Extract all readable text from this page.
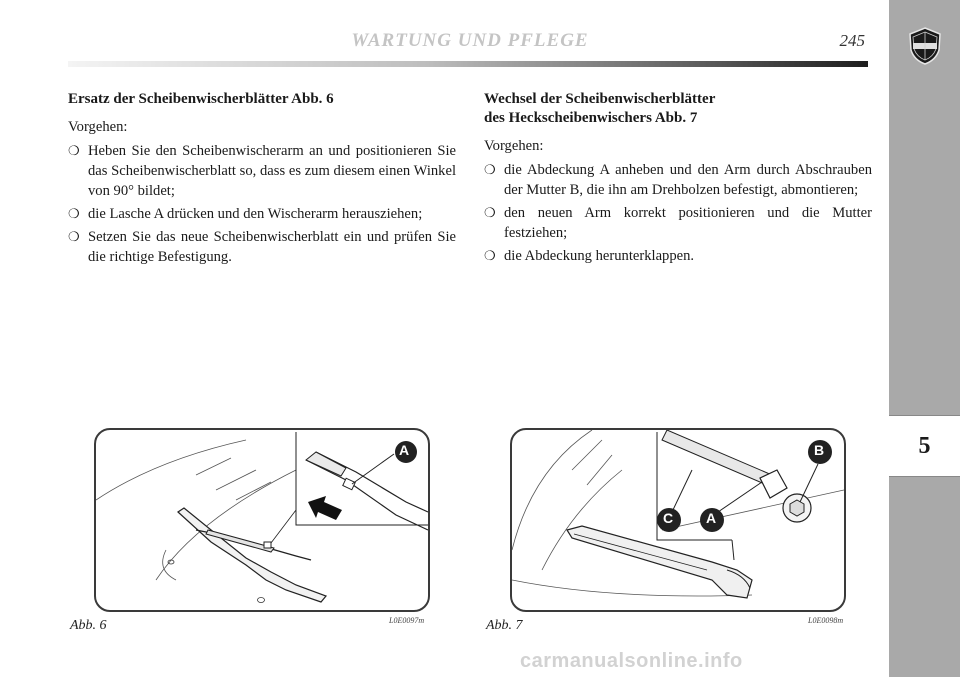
WARTUNG UND PFLEGE	245
5
Ersatz der Scheibenwischerblätter Abb. 6

Vorgehen:

❍ Heben Sie den Scheibenwischerarm an und positionieren Sie das Scheibenwischerblatt so, dass es zum diesem einen Winkel von 90° bildet;
❍ die Lasche A drücken und den Wischerarm herausziehen;
❍ Setzen Sie das neue Scheibenwischerblatt ein und prüfen Sie die richtige Befestigung.
Wechsel der Scheibenwischerblätter
des Heckscheibenwischers Abb. 7

Vorgehen:

❍ die Abdeckung A anheben und den Arm durch Abschrauben der Mutter B, die ihn am Drehbolzen befestigt, abmontieren;
❍ den neuen Arm korrekt positionieren und die Mutter festziehen;
❍ die Abdeckung herunterklappen.
A
Abb. 6	L0E0097m
B
C A
Abb. 7	L0E0098m
carmanualsonline.info
